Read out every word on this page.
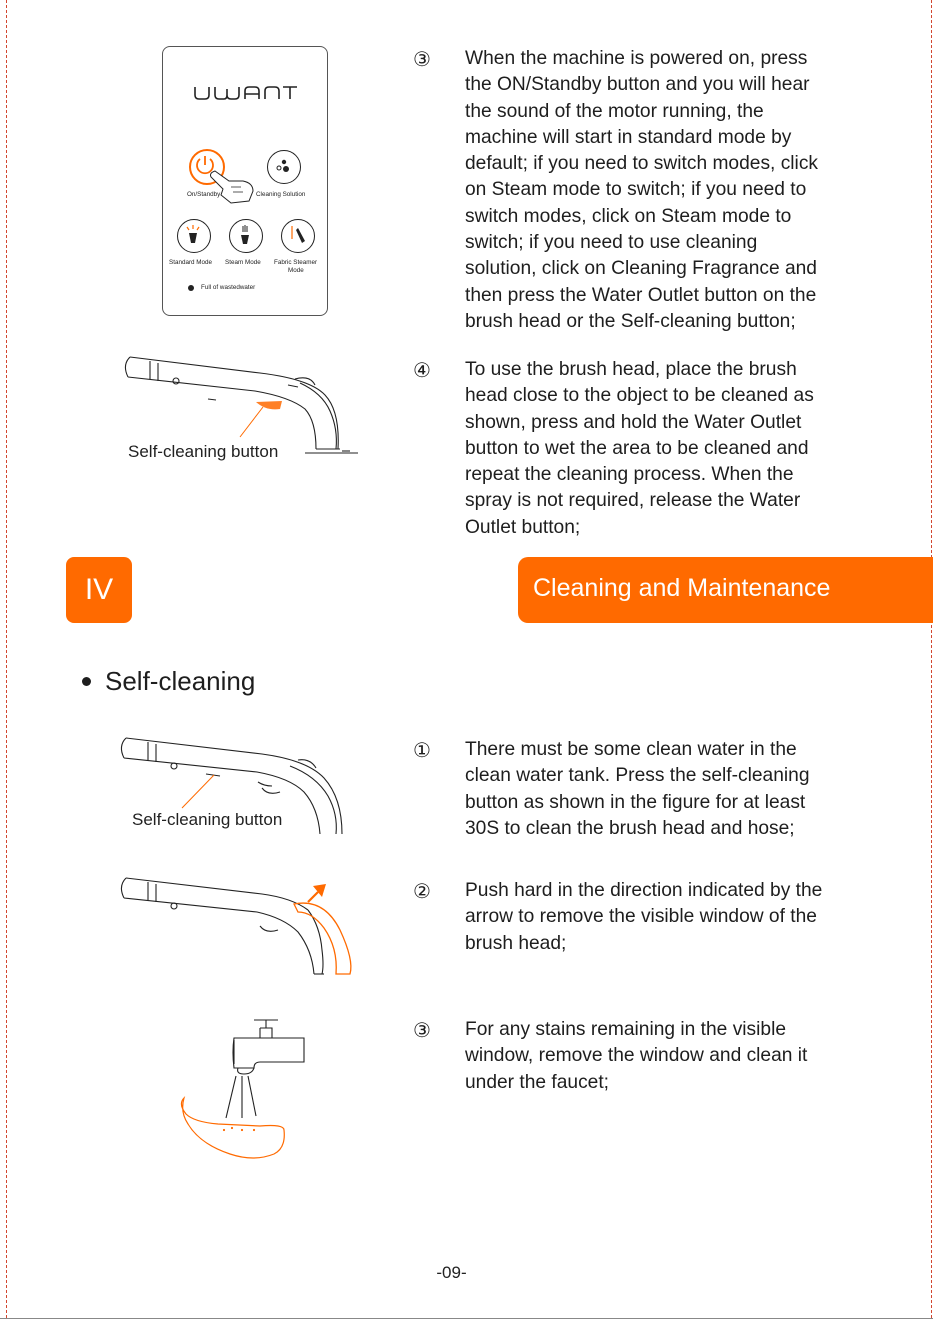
On/Standby	Cleaning Solution
Standard Mode Steam Mode Fabric Steamer
Mode
Full of wastedwater
Self-cleaning button
③	When the machine is powered on, press

the ON/Standby button and you will hear

the sound of the motor running, the

machine will start in standard mode by

default; if you need to switch modes, click

on Steam mode to switch; if you need to

switch modes, click on Steam mode to

switch; if you need to use cleaning

solution, click on Cleaning Fragrance and

then press the Water Outlet button on the

brush head or the Self-cleaning button;

④	To use the brush head, place the brush

head close to the object to be cleaned as

shown, press and hold the Water Outlet

button to wet the area to be cleaned and

repeat the cleaning process. When the

spray is not required, release the Water

Outlet button;

IV	Cleaning and Maintenance
Self-cleaning
Self-cleaning button
①	There must be some clean water in the

clean water tank. Press the self-cleaning

button as shown in the figure for at least

30S to clean the brush head and hose;

②	Push hard in the direction indicated by the

arrow to remove the visible window of the

brush head;

③	For any stains remaining in the visible

window, remove the window and clean it

under the faucet;

-09-
